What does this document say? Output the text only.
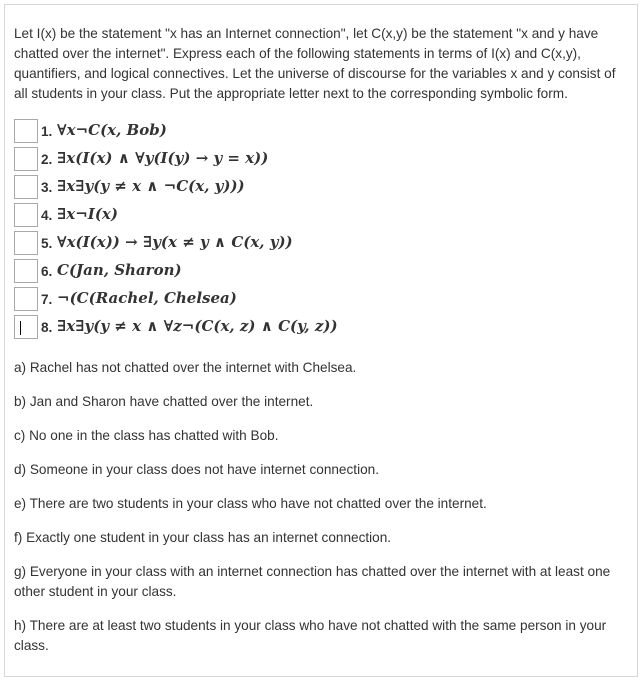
Let I(x) be the statement "x has an Internet connection", let C(x,y) be the statement "x and y have chatted over the internet". Express each of the following statements in terms of I(x) and C(x,y), quantifiers, and logical connectives. Let the universe of discourse for the variables x and y consist of all students in your class. Put the appropriate letter next to the corresponding symbolic form.

1. ∀x¬C(x, Bob)
2. ∃x(I(x) ∧ ∀y(I(y) → y = x))
3. ∃x∃y(y ≠ x ∧ ¬C(x, y)))
4. ∃x¬I(x)
5. ∀x(I(x)) → ∃y(x ≠ y ∧ C(x, y))
6. C(Jan, Sharon)
7. ¬(C(Rachel, Chelsea)
8. ∃x∃y(y ≠ x ∧ ∀z¬(C(x, z) ∧ C(y, z))

a) Rachel has not chatted over the internet with Chelsea.

b) Jan and Sharon have chatted over the internet.

c) No one in the class has chatted with Bob.

d) Someone in your class does not have internet connection.

e) There are two students in your class who have not chatted over the internet.

f) Exactly one student in your class has an internet connection.

g) Everyone in your class with an internet connection has chatted over the internet with at least one other student in your class.

h) There are at least two students in your class who have not chatted with the same person in your class.
